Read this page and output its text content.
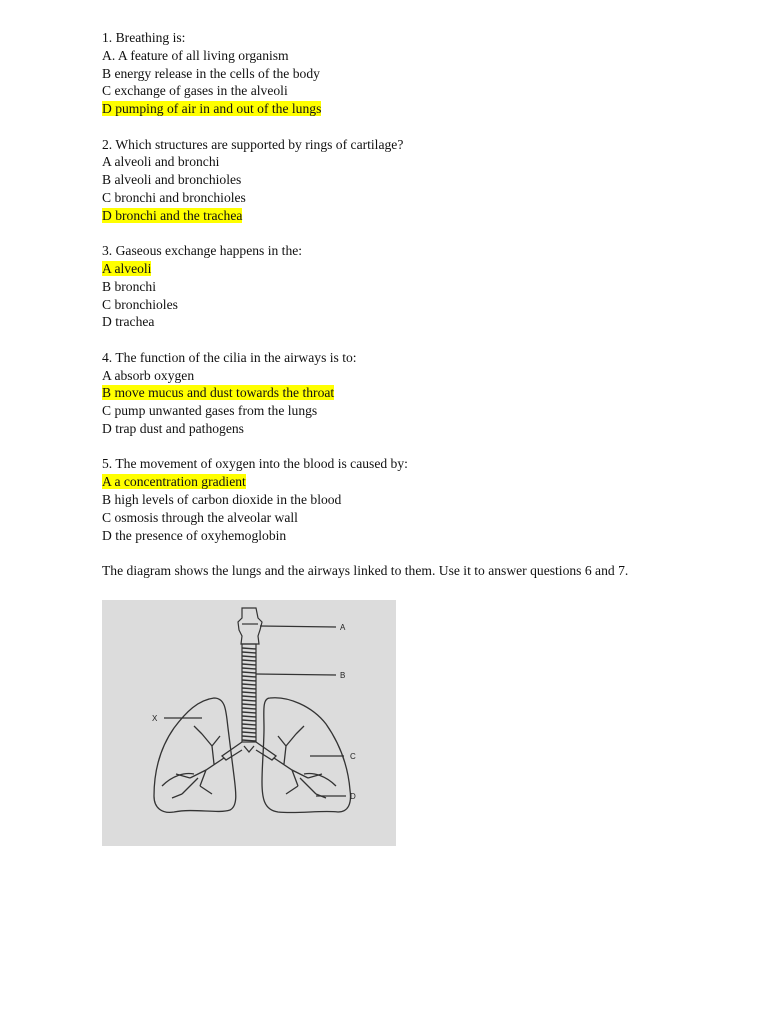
1. Breathing is:
A. A feature of all living organism
B energy release in the cells of the body
C exchange of gases in the alveoli
D pumping of air in and out of the lungs
2. Which structures are supported by rings of cartilage?
A alveoli and bronchi
B alveoli and bronchioles
C bronchi and bronchioles
D bronchi and the trachea
3. Gaseous exchange happens in the:
A alveoli
B bronchi
C bronchioles
D trachea
4. The function of the cilia in the airways is to:
A absorb oxygen
B move mucus and dust towards the throat
C pump unwanted gases from the lungs
D trap dust and pathogens
5. The movement of oxygen into the blood is caused by:
A a concentration gradient
B high levels of carbon dioxide in the blood
C osmosis through the alveolar wall
D the presence of oxyhemoglobin

The diagram shows the lungs and the airways linked to them. Use it to answer questions 6 and 7.

A
B
X
C
D
